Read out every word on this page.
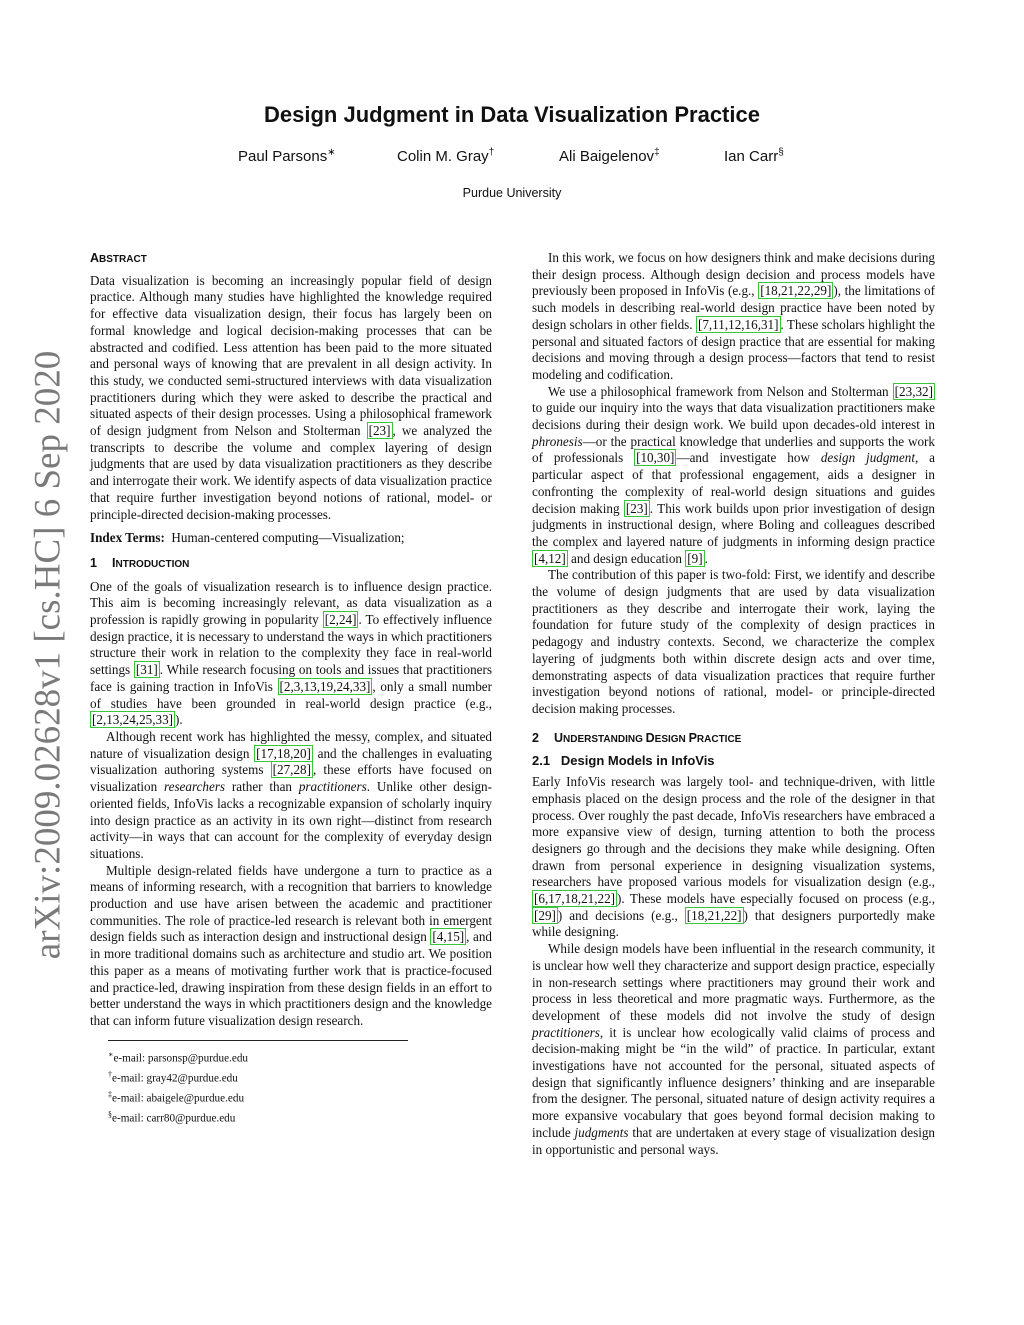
arXiv:2009.02628v1 [cs.HC] 6 Sep 2020
Design Judgment in Data Visualization Practice
Paul Parsons∗	Colin M. Gray†	Ali Baigelenov‡	Ian Carr§
Purdue University
ABSTRACT

Data visualization is becoming an increasingly popular field of design practice. Although many studies have highlighted the knowledge required for effective data visualization design, their focus has largely been on formal knowledge and logical decision-making processes that can be abstracted and codified. Less attention has been paid to the more situated and personal ways of knowing that are prevalent in all design activity. In this study, we conducted semi-structured interviews with data visualization practitioners during which they were asked to describe the practical and situated aspects of their design processes. Using a philosophical framework of design judgment from Nelson and Stolterman [23] , we analyzed the transcripts to describe the volume and complex layering of design judgments that are used by data visualization practitioners as they describe and interrogate their work. We identify aspects of data visualization practice that require further investigation beyond notions of rational, model- or principle-directed decision-making processes.

Index Terms: Human-centered computing—Visualization;

1 INTRODUCTION

One of the goals of visualization research is to influence design practice. This aim is becoming increasingly relevant, as data visualization as a profession is rapidly growing in popularity [2,24] . To effectively influence design practice, it is necessary to understand the ways in which practitioners structure their work in relation to the complexity they face in real-world settings [31] . While research focusing on tools and issues that practitioners face is gaining traction in InfoVis [2,3,13,19,24,33] , only a small number of studies have been grounded in real-world design practice (e.g., [2,13,24,25,33] ).

Although recent work has highlighted the messy, complex, and situated nature of visualization design [17,18,20] and the challenges in evaluating visualization authoring systems [27,28] , these efforts have focused on visualization researchers rather than practitioners. Unlike other design-oriented fields, InfoVis lacks a recognizable expansion of scholarly inquiry into design practice as an activity in its own right—distinct from research activity—in ways that can account for the complexity of everyday design situations.

Multiple design-related fields have undergone a turn to practice as a means of informing research, with a recognition that barriers to knowledge production and use have arisen between the academic and practitioner communities. The role of practice-led research is relevant both in emergent design fields such as interaction design and instructional design [4,15] , and in more traditional domains such as architecture and studio art. We position this paper as a means of motivating further work that is practice-focused and practice-led, drawing inspiration from these design fields in an effort to better understand the ways in which practitioners design and the knowledge that can inform future visualization design research.

∗e-mail: parsonsp@purdue.edu
†e-mail: gray42@purdue.edu
‡e-mail: abaigele@purdue.edu
§e-mail: carr80@purdue.edu

In this work, we focus on how designers think and make decisions during their design process. Although design decision and process models have previously been proposed in InfoVis (e.g., [18,21,22,29] ), the limitations of such models in describing real-world design practice have been noted by design scholars in other fields. [7,11,12,16,31] . These scholars highlight the personal and situated factors of design practice that are essential for making decisions and moving through a design process—factors that tend to resist modeling and codification.

We use a philosophical framework from Nelson and Stolterman [23,32] to guide our inquiry into the ways that data visualization practitioners make decisions during their design work. We build upon decades-old interest in phronesis—or the practical knowledge that underlies and supports the work of professionals [10,30] —and investigate how design judgment, a particular aspect of that professional engagement, aids a designer in confronting the complexity of real-world design situations and guides decision making [23] . This work builds upon prior investigation of design judgments in instructional design, where Boling and colleagues described the complex and layered nature of judgments in informing design practice [4,12] and design education [9] .

The contribution of this paper is two-fold: First, we identify and describe the volume of design judgments that are used by data visualization practitioners as they describe and interrogate their work, laying the foundation for future study of the complexity of design practices in pedagogy and industry contexts. Second, we characterize the complex layering of judgments both within discrete design acts and over time, demonstrating aspects of data visualization practices that require further investigation beyond notions of rational, model- or principle-directed decision making processes.

2 UNDERSTANDING DESIGN PRACTICE
2.1 Design Models in InfoVis

Early InfoVis research was largely tool- and technique-driven, with little emphasis placed on the design process and the role of the designer in that process. Over roughly the past decade, InfoVis researchers have embraced a more expansive view of design, turning attention to both the process designers go through and the decisions they make while designing. Often drawn from personal experience in designing visualization systems, researchers have proposed various models for visualization design (e.g., [6,17,18,21,22] ). These models have especially focused on process (e.g., [29] ) and decisions (e.g., [18,21,22] ) that designers purportedly make while designing.

While design models have been influential in the research community, it is unclear how well they characterize and support design practice, especially in non-research settings where practitioners may ground their work and process in less theoretical and more pragmatic ways. Furthermore, as the development of these models did not involve the study of design practitioners, it is unclear how ecologically valid claims of process and decision-making might be “in the wild” of practice. In particular, extant investigations have not accounted for the personal, situated aspects of design that significantly influence designers’ thinking and are inseparable from the designer. The personal, situated nature of design activity requires a more expansive vocabulary that goes beyond formal decision making to include judgments that are undertaken at every stage of visualization design in opportunistic and personal ways.
